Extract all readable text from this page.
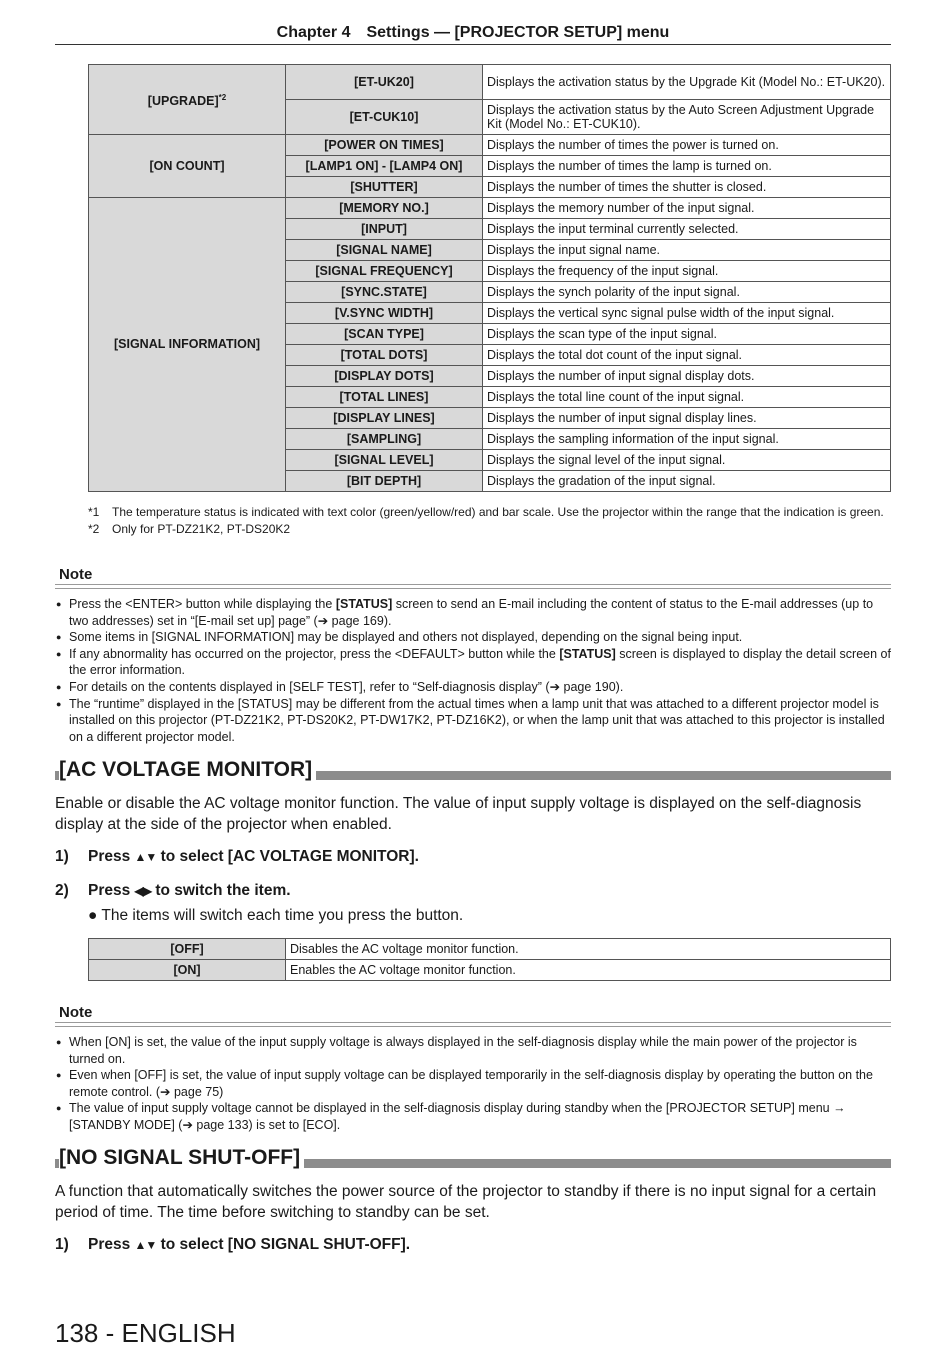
Chapter 4 Settings — [PROJECTOR SETUP] menu
[UPGRADE]$^{*2}$	[ET-UK20]	Displays the activation status by the Upgrade Kit (Model No.: ET-UK20).
	[ET-CUK10]	Displays the activation status by the Auto Screen Adjustment Upgrade Kit (Model No.: ET-CUK10).
[ON COUNT]	[POWER ON TIMES]	Displays the number of times the power is turned on.
	[LAMP1 ON] - [LAMP4 ON]	Displays the number of times the lamp is turned on.
	[SHUTTER]	Displays the number of times the shutter is closed.
[SIGNAL INFORMATION]	[MEMORY NO.]	Displays the memory number of the input signal.
	[INPUT]	Displays the input terminal currently selected.
	[SIGNAL NAME]	Displays the input signal name.
	[SIGNAL FREQUENCY]	Displays the frequency of the input signal.
	[SYNC.STATE]	Displays the synch polarity of the input signal.
	[V.SYNC WIDTH]	Displays the vertical sync signal pulse width of the input signal.
	[SCAN TYPE]	Displays the scan type of the input signal.
	[TOTAL DOTS]	Displays the total dot count of the input signal.
	[DISPLAY DOTS]	Displays the number of input signal display dots.
	[TOTAL LINES]	Displays the total line count of the input signal.
	[DISPLAY LINES]	Displays the number of input signal display lines.
	[SAMPLING]	Displays the sampling information of the input signal.
	[SIGNAL LEVEL]	Displays the signal level of the input signal.
	[BIT DEPTH]	Displays the gradation of the input signal.
*1	The temperature status is indicated with text color (green/yellow/red) and bar scale. Use the projector within the range that the indication is green.
*2	Only for PT-DZ21K2, PT-DS20K2
Note
● Press the <ENTER> button while displaying the [STATUS] screen to send an E-mail including the content of status to the E-mail addresses (up to two addresses) set in “[E-mail set up] page” (➔ page 169).
● Some items in [SIGNAL INFORMATION] may be displayed and others not displayed, depending on the signal being input.
● If any abnormality has occurred on the projector, press the <DEFAULT> button while the [STATUS] screen is displayed to display the detail screen of the error information.
● For details on the contents displayed in [SELF TEST], refer to “Self-diagnosis display” (➔ page 190).
● The “runtime” displayed in the [STATUS] may be different from the actual times when a lamp unit that was attached to a different projector model is installed on this projector (PT-DZ21K2, PT-DS20K2, PT-DW17K2, PT-DZ16K2), or when the lamp unit that was attached to this projector is installed on a different projector model.
[AC VOLTAGE MONITOR]
Enable or disable the AC voltage monitor function. The value of input supply voltage is displayed on the self-diagnosis display at the side of the projector when enabled.
1) Press ▲▼ to select [AC VOLTAGE MONITOR].
2) Press ◀▶ to switch the item.
● The items will switch each time you press the button.
[OFF]	Disables the AC voltage monitor function.
[ON]	Enables the AC voltage monitor function.
Note
● When [ON] is set, the value of the input supply voltage is always displayed in the self-diagnosis display while the main power of the projector is turned on.
● Even when [OFF] is set, the value of input supply voltage can be displayed temporarily in the self-diagnosis display by operating the button on the remote control. (➔ page 75)
● The value of input supply voltage cannot be displayed in the self-diagnosis display during standby when the [PROJECTOR SETUP] menu → [STANDBY MODE] (➔ page 133) is set to [ECO].
[NO SIGNAL SHUT-OFF]
A function that automatically switches the power source of the projector to standby if there is no input signal for a certain period of time. The time before switching to standby can be set.
1) Press ▲▼ to select [NO SIGNAL SHUT-OFF].
138 - ENGLISH
